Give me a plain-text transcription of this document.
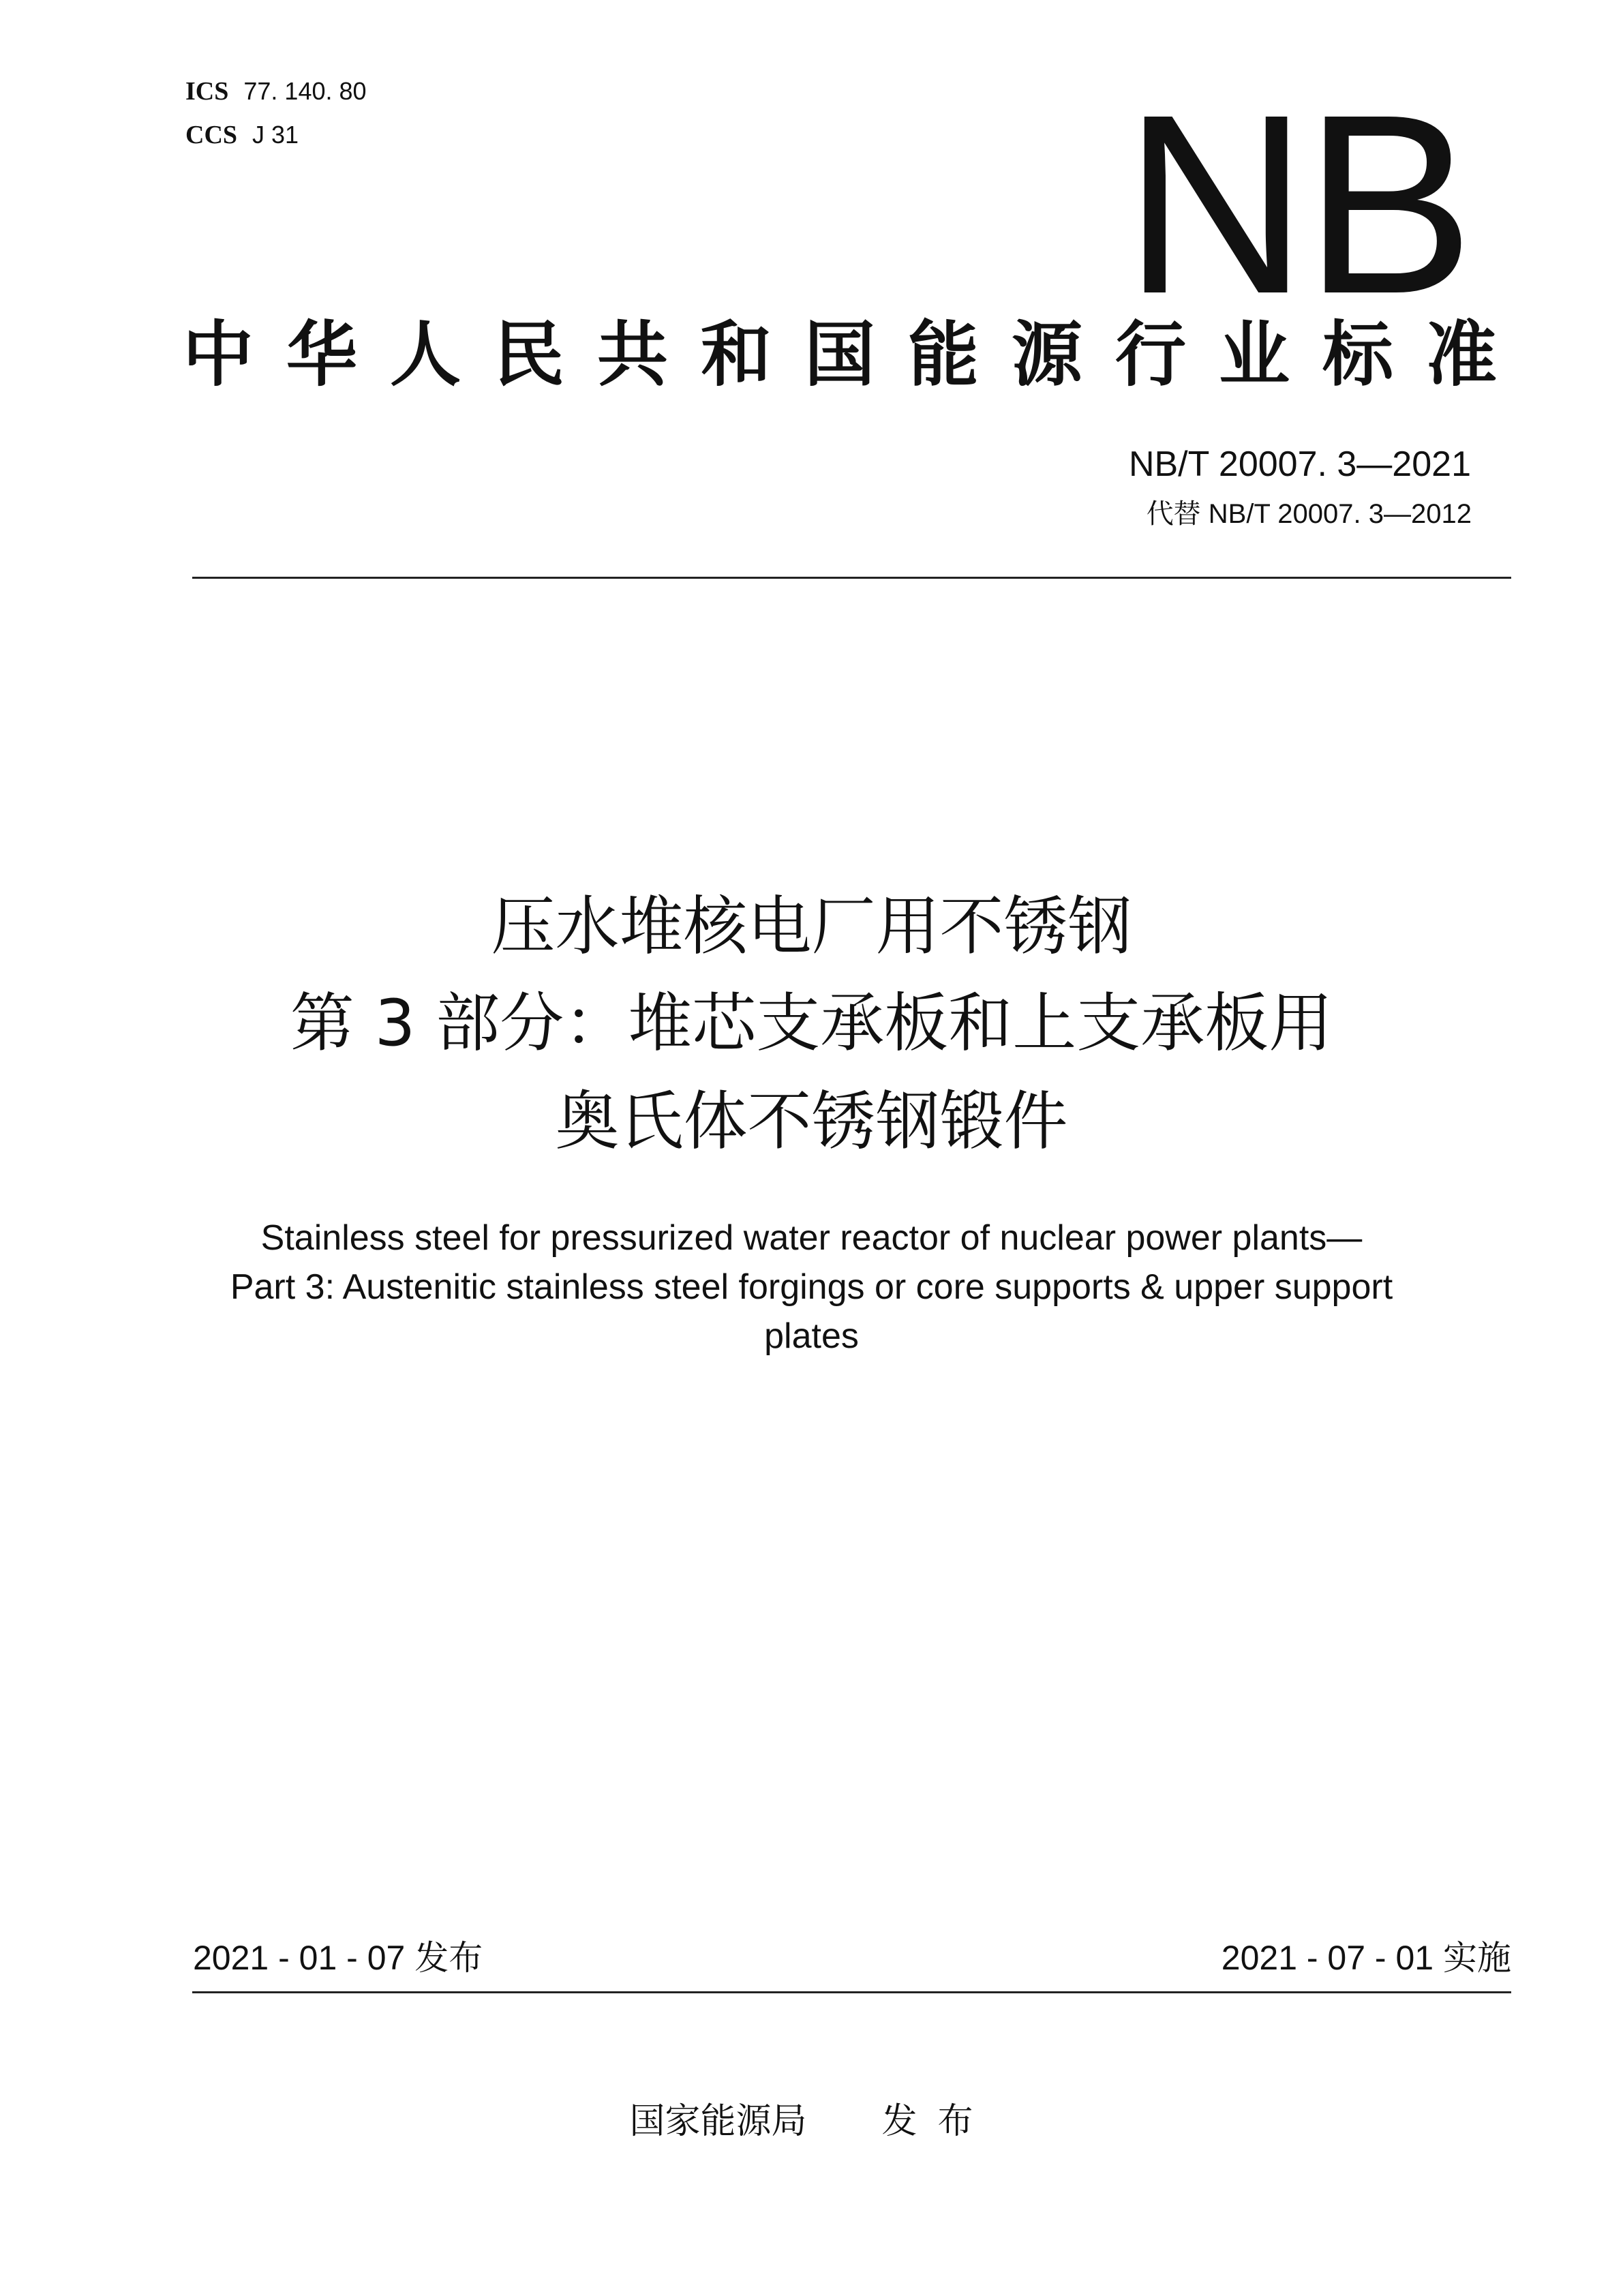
ICS 77. 140. 80
CCS J 31	NB
中华人民共和国能源行业标准
NB/T 20007. 3—2021
代替 NB/T 20007. 3—2012
压水堆核电厂用不锈钢
第 3 部分：堆芯支承板和上支承板用
奥氏体不锈钢锻件
Stainless steel for pressurized water reactor of nuclear power plants—
Part 3: Austenitic stainless steel forgings or core supports & upper support
plates
2021 - 01 - 07 发布	2021 - 07 - 01 实施
国家能源局 发布
